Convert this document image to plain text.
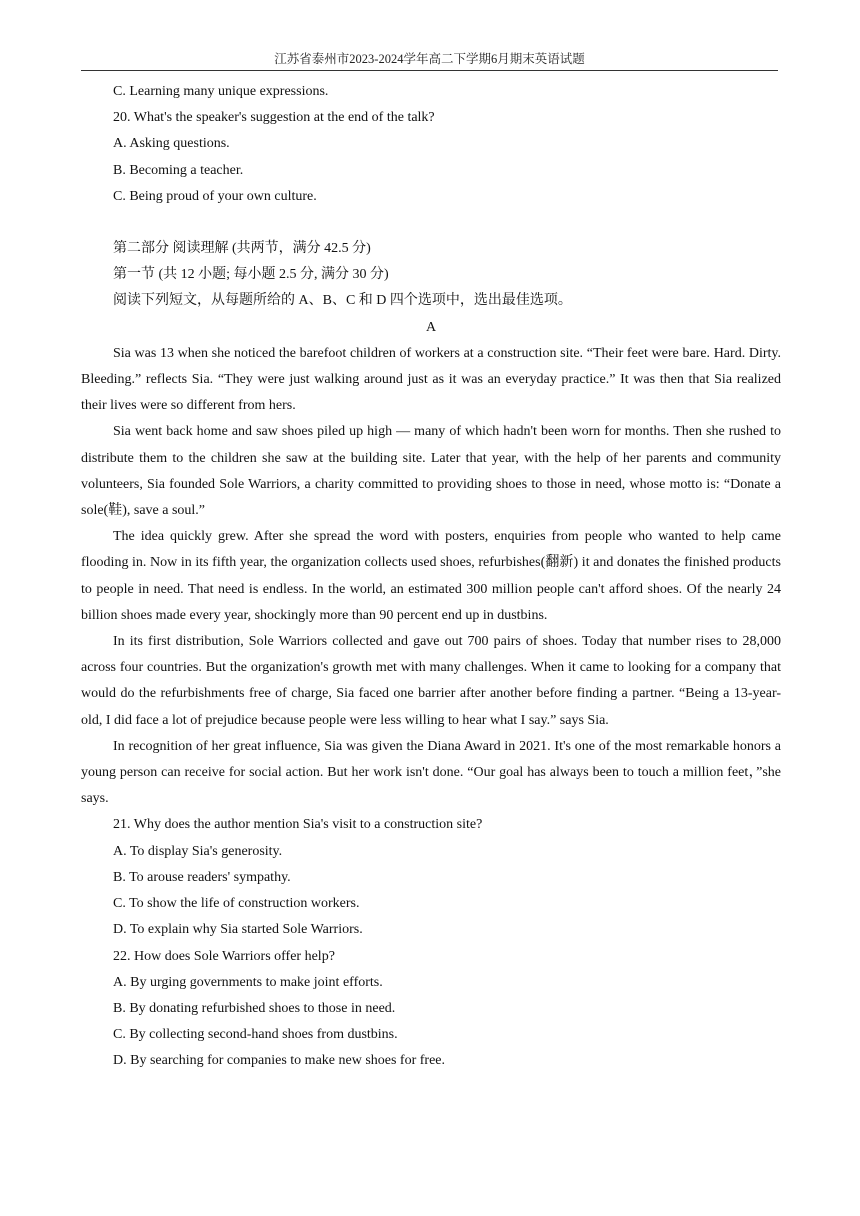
江苏省泰州市2023-2024学年高二下学期6月期末英语试题

C. Learning many unique expressions.

20. What's the speaker's suggestion at the end of the talk?

A. Asking questions.

B. Becoming a teacher.

C. Being proud of your own culture.

第二部分 阅读理解 (共两节，满分 42.5 分)

第一节 (共 12 小题; 每小题 2.5 分, 满分 30 分)

阅读下列短文，从每题所给的 A、B、C 和 D 四个选项中，选出最佳选项。

A

Sia was 13 when she noticed the barefoot children of workers at a construction site. “Their feet were bare. Hard. Dirty. Bleeding.” reflects Sia. “They were just walking around just as it was an everyday practice.” It was then that Sia realized their lives were so different from hers.

Sia went back home and saw shoes piled up high — many of which hadn't been worn for months. Then she rushed to distribute them to the children she saw at the building site. Later that year, with the help of her parents and community volunteers, Sia founded Sole Warriors, a charity committed to providing shoes to those in need, whose motto is: “Donate a sole(鞋), save a soul.”

The idea quickly grew. After she spread the word with posters, enquiries from people who wanted to help came flooding in. Now in its fifth year, the organization collects used shoes, refurbishes(翻新) it and donates the finished products to people in need. That need is endless. In the world, an estimated 300 million people can't afford shoes. Of the nearly 24 billion shoes made every year, shockingly more than 90 percent end up in dustbins.

In its first distribution, Sole Warriors collected and gave out 700 pairs of shoes. Today that number rises to 28,000 across four countries. But the organization's growth met with many challenges. When it came to looking for a company that would do the refurbishments free of charge, Sia faced one barrier after another before finding a partner. “Being a 13-year-old, I did face a lot of prejudice because people were less willing to hear what I say.” says Sia.

In recognition of her great influence, Sia was given the Diana Award in 2021. It's one of the most remarkable honors a young person can receive for social action. But her work isn't done. “Our goal has always been to touch a million feet，”she says.

21. Why does the author mention Sia's visit to a construction site?

A. To display Sia's generosity.

B. To arouse readers' sympathy.

C. To show the life of construction workers.

D. To explain why Sia started Sole Warriors.

22. How does Sole Warriors offer help?

A. By urging governments to make joint efforts.

B. By donating refurbished shoes to those in need.

C. By collecting second-hand shoes from dustbins.

D. By searching for companies to make new shoes for free.
